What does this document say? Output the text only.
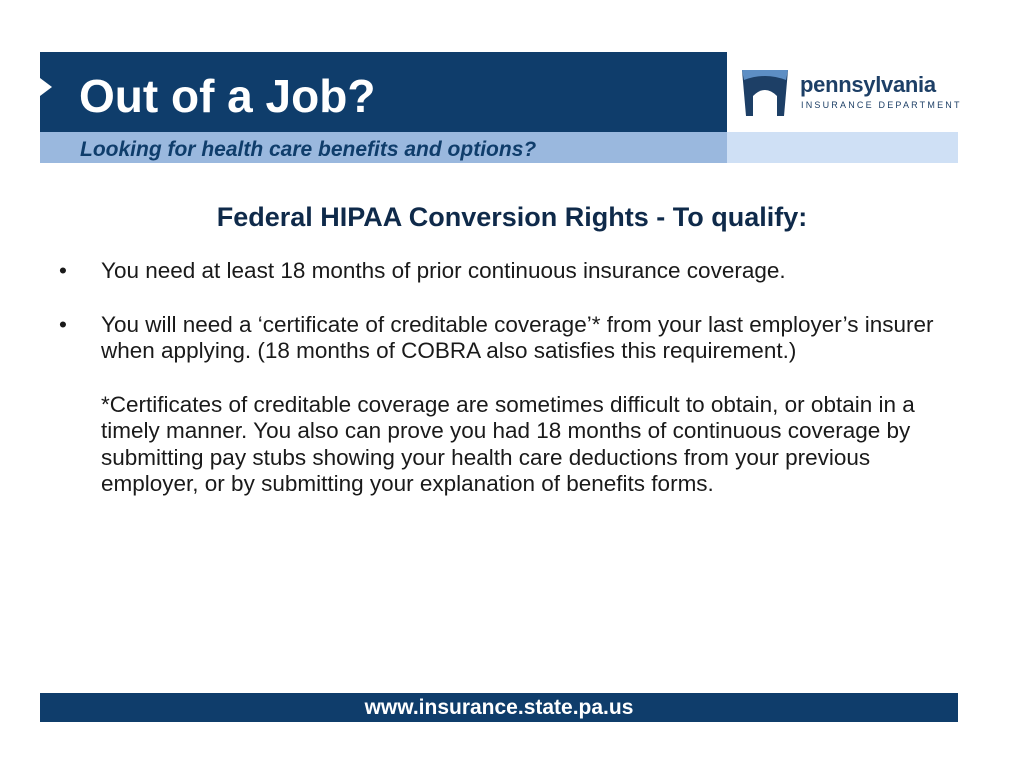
Out of a Job?

Looking for health care benefits and options?

pennsylvania
INSURANCE DEPARTMENT
Federal HIPAA Conversion Rights - To qualify:
• You need at least 18 months of prior continuous insurance coverage.
• You will need a ‘certificate of creditable coverage’* from your last employer’s insurer when applying. (18 months of COBRA also satisfies this requirement.)

*Certificates of creditable coverage are sometimes difficult to obtain, or obtain in a timely manner. You also can prove you had 18 months of continuous coverage by submitting pay stubs showing your health care deductions from your previous employer, or by submitting your explanation of benefits forms.

www.insurance.state.pa.us
